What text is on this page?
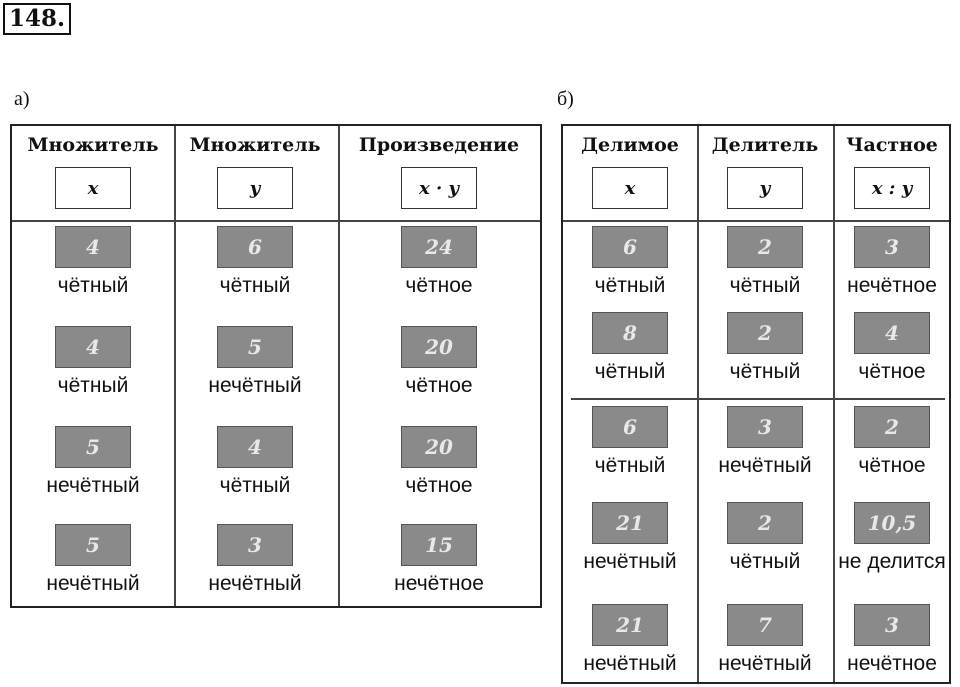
148.
а)	б)
Множитель
x
Множитель
y
Произведение
x · y
4
чётный
6
чётный
24
чётное
4
чётный
5
нечётный
20
чётное
5
нечётный
4
чётный
20
чётное
5
нечётный
3
нечётный
15
нечётное
Делимое
x
Делитель
y
Частное
x : y
6
чётный
2
чётный
3
нечётное
8
чётный
2
чётный
4
чётное
6
чётный
3
нечётный
2
чётное
21
нечётный
2
чётный
10,5
не делится
21
нечётный
7
нечётный
3
нечётное
